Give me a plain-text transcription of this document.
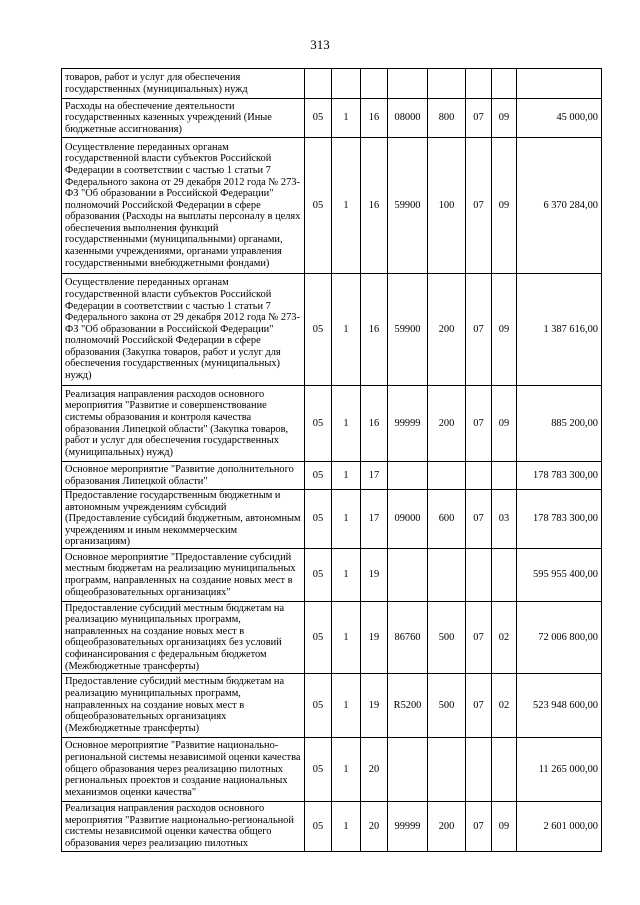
313
товаров, работ и услуг для обеспечения государственных (муниципальных) нужд								
Расходы на обеспечение деятельности государственных казенных учреждений (Иные бюджетные ассигнования)	05	1	16	08000	800	07	09	45 000,00
Осуществление переданных органам государственной власти субъектов Российской Федерации в соответствии с частью 1 статьи 7 Федерального закона от 29 декабря 2012 года № 273-ФЗ "Об образовании в Российской Федерации" полномочий Российской Федерации в сфере образования (Расходы на выплаты персоналу в целях обеспечения выполнения функций государственными (муниципальными) органами, казенными учреждениями, органами управления государственными внебюджетными фондами)	05	1	16	59900	100	07	09	6 370 284,00
Осуществление переданных органам государственной власти субъектов Российской Федерации в соответствии с частью 1 статьи 7 Федерального закона от 29 декабря 2012 года № 273-ФЗ "Об образовании в Российской Федерации" полномочий Российской Федерации в сфере образования (Закупка товаров, работ и услуг для обеспечения государственных (муниципальных) нужд)	05	1	16	59900	200	07	09	1 387 616,00
Реализация направления расходов основного мероприятия "Развитие и совершенствование системы образования и контроля качества образования Липецкой области" (Закупка товаров, работ и услуг для обеспечения государственных (муниципальных) нужд)	05	1	16	99999	200	07	09	885 200,00
Основное мероприятие "Развитие дополнительного образования Липецкой области"	05	1	17					178 783 300,00
Предоставление государственным бюджетным и автономным учреждениям субсидий (Предоставление субсидий бюджетным, автономным учреждениям и иным некоммерческим организациям)	05	1	17	09000	600	07	03	178 783 300,00
Основное мероприятие "Предоставление субсидий местным бюджетам на реализацию муниципальных программ, направленных на создание новых мест в общеобразовательных организациях"	05	1	19					595 955 400,00
Предоставление субсидий местным бюджетам на реализацию муниципальных программ, направленных на создание новых мест в общеобразовательных организациях без условий софинансирования с федеральным бюджетом (Межбюджетные трансферты)	05	1	19	86760	500	07	02	72 006 800,00
Предоставление субсидий местным бюджетам на реализацию муниципальных программ, направленных на создание новых мест в общеобразовательных организациях (Межбюджетные трансферты)	05	1	19	R5200	500	07	02	523 948 600,00
Основное мероприятие "Развитие национально-региональной системы независимой оценки качества общего образования через реализацию пилотных региональных проектов и создание национальных механизмов оценки качества"	05	1	20					11 265 000,00
Реализация направления расходов основного мероприятия "Развитие национально-региональной системы независимой оценки качества общего образования через реализацию пилотных	05	1	20	99999	200	07	09	2 601 000,00
